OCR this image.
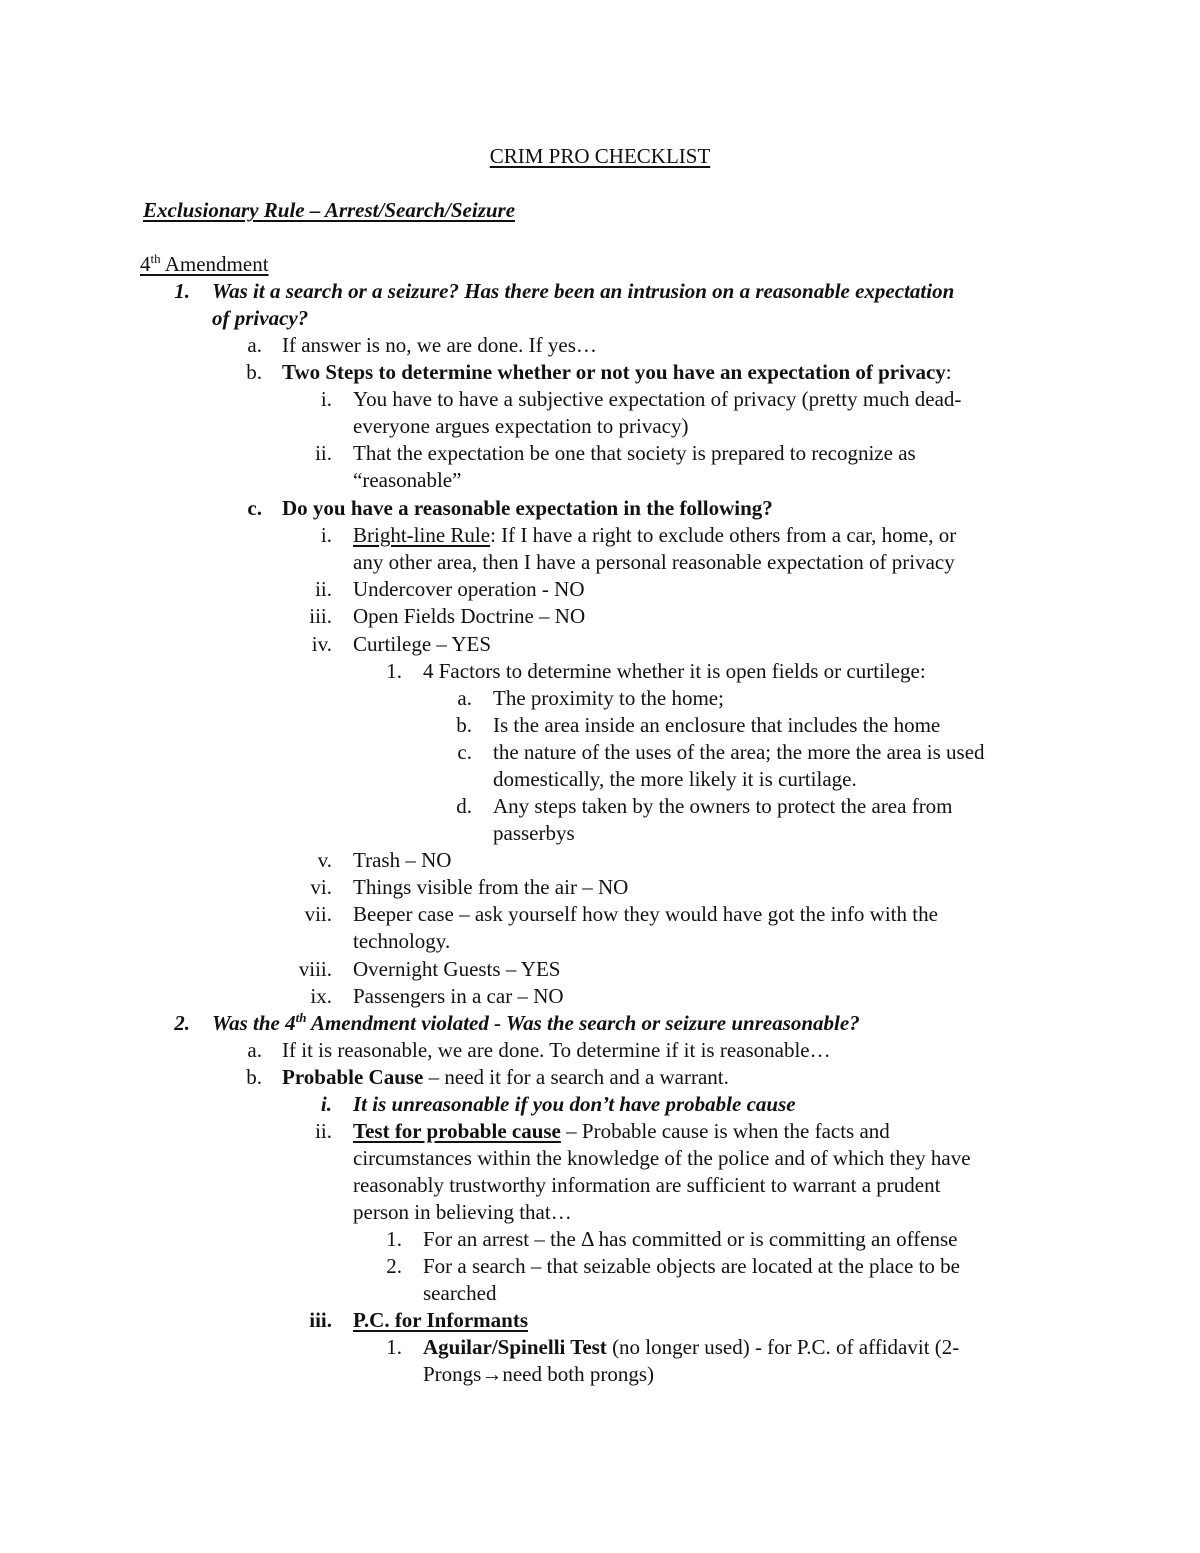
CRIM PRO CHECKLIST
Exclusionary Rule – Arrest/Search/Seizure
4th Amendment
1. Was it a search or a seizure? Has there been an intrusion on a reasonable expectation
of privacy?
a. If answer is no, we are done. If yes…
b. Two Steps to determine whether or not you have an expectation of privacy:
i. You have to have a subjective expectation of privacy (pretty much dead-
everyone argues expectation to privacy)
ii. That the expectation be one that society is prepared to recognize as
“reasonable”
c. Do you have a reasonable expectation in the following?
i. Bright-line Rule: If I have a right to exclude others from a car, home, or
any other area, then I have a personal reasonable expectation of privacy
ii. Undercover operation - NO
iii. Open Fields Doctrine – NO
iv. Curtilege – YES
1. 4 Factors to determine whether it is open fields or curtilege:
a. The proximity to the home;
b. Is the area inside an enclosure that includes the home
c. the nature of the uses of the area; the more the area is used
domestically, the more likely it is curtilage.
d. Any steps taken by the owners to protect the area from
passerbys
v. Trash – NO
vi. Things visible from the air – NO
vii. Beeper case – ask yourself how they would have got the info with the
technology.
viii. Overnight Guests – YES
ix. Passengers in a car – NO
2. Was the 4th Amendment violated - Was the search or seizure unreasonable?
a. If it is reasonable, we are done. To determine if it is reasonable…
b. Probable Cause – need it for a search and a warrant.
i. It is unreasonable if you don’t have probable cause
ii. Test for probable cause – Probable cause is when the facts and
circumstances within the knowledge of the police and of which they have
reasonably trustworthy information are sufficient to warrant a prudent
person in believing that…
1. For an arrest – the Δ has committed or is committing an offense
2. For a search – that seizable objects are located at the place to be
searched
iii. P.C. for Informants
1. Aguilar/Spinelli Test (no longer used) - for P.C. of affidavit (2-
Prongs→need both prongs)
